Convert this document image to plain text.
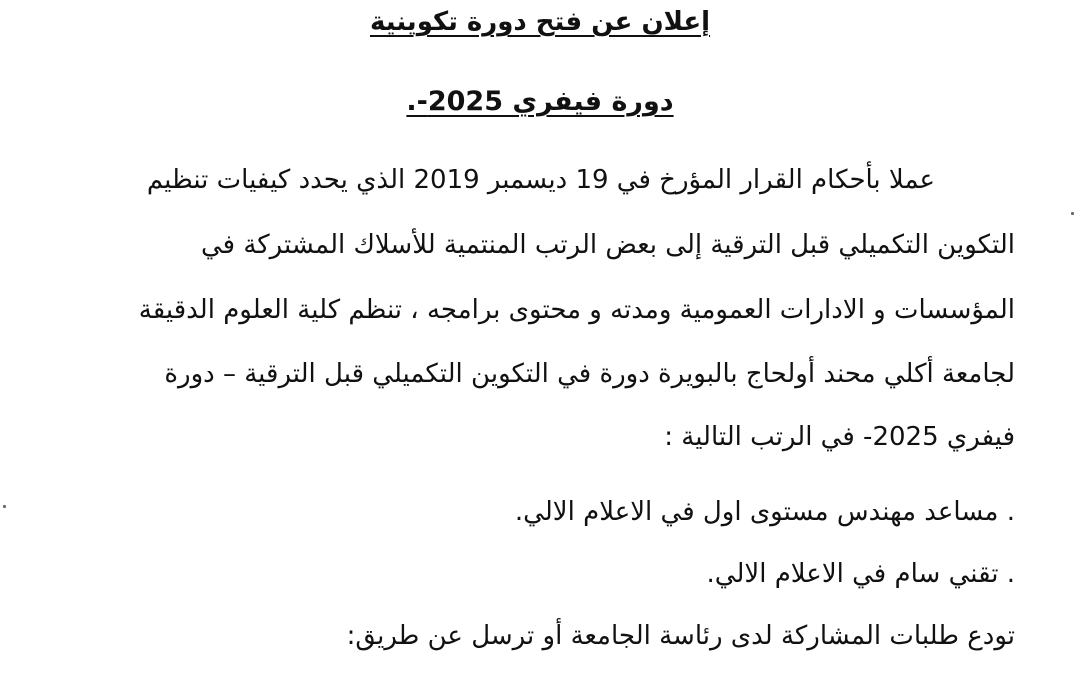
إعلان عن فتح دورة تكوينية
دورة فيفري 2025-.
عملا بأحكام القرار المؤرخ في 19 ديسمبر 2019 الذي يحدد كيفيات تنظيم
التكوين التكميلي قبل الترقية إلى بعض الرتب المنتمية للأسلاك المشتركة في
المؤسسات و الادارات العمومية ومدته و محتوى برامجه ، تنظم كلية العلوم الدقيقة
لجامعة أكلي محند أولحاج بالبويرة دورة في التكوين التكميلي قبل الترقية – دورة
فيفري 2025- في الرتب التالية :
. مساعد مهندس مستوى اول في الاعلام الالي.
. تقني سام في الاعلام الالي.
تودع طلبات المشاركة لدى رئاسة الجامعة أو ترسل عن طريق:
